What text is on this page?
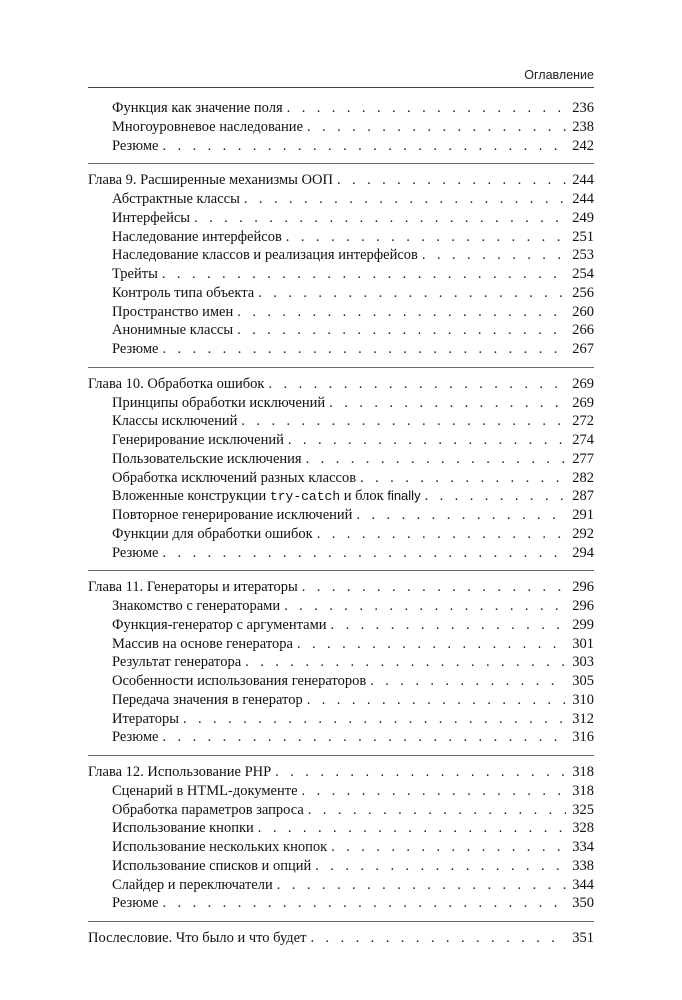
Оглавление
Функция как значение поля . . .	236
Многоуровневое наследование . . .	238
Резюме . . .	242
Глава 9. Расширенные механизмы ООП . . .	244
Абстрактные классы . . .	244
Интерфейсы . . .	249
Наследование интерфейсов . . .	251
Наследование классов и реализация интерфейсов . . .	253
Трейты . . .	254
Контроль типа объекта . . .	256
Пространство имен . . .	260
Анонимные классы . . .	266
Резюме . . .	267
Глава 10. Обработка ошибок . . .	269
Принципы обработки исключений . . .	269
Классы исключений . . .	272
Генерирование исключений . . .	274
Пользовательские исключения . . .	277
Обработка исключений разных классов . . .	282
Вложенные конструкции try-catch и блок finally . . .	287
Повторное генерирование исключений . . .	291
Функции для обработки ошибок . . .	292
Резюме . . .	294
Глава 11. Генераторы и итераторы . . .	296
Знакомство с генераторами . . .	296
Функция-генератор с аргументами . . .	299
Массив на основе генератора . . .	301
Результат генератора . . .	303
Особенности использования генераторов . . .	305
Передача значения в генератор . . .	310
Итераторы . . .	312
Резюме . . .	316
Глава 12. Использование PHP . . .	318
Сценарий в HTML-документе . . .	318
Обработка параметров запроса . . .	325
Использование кнопки . . .	328
Использование нескольких кнопок . . .	334
Использование списков и опций . . .	338
Слайдер и переключатели . . .	344
Резюме . . .	350
Послесловие. Что было и что будет . . .	351
